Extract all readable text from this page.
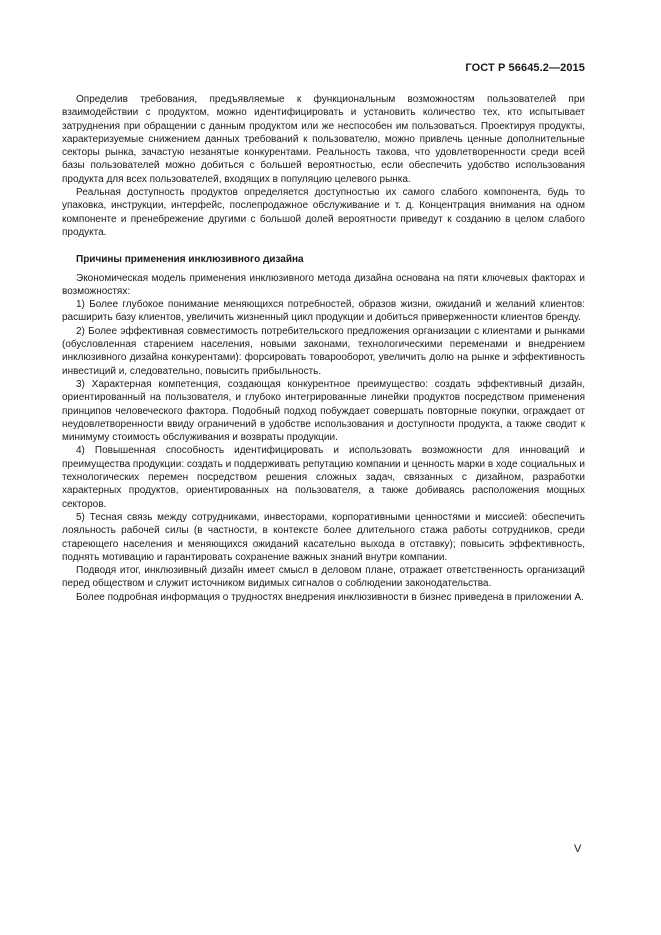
ГОСТ Р 56645.2—2015

Определив требования, предъявляемые к функциональным возможностям пользователей при взаимодействии с продуктом, можно идентифицировать и установить количество тех, кто испытывает затруднения при обращении с данным продуктом или же неспособен им пользоваться. Проектируя продукты, характеризуемые снижением данных требований к пользователю, можно привлечь ценные дополнительные секторы рынка, зачастую незанятые конкурентами. Реальность такова, что удовлетворенности среди всей базы пользователей можно добиться с большей вероятностью, если обеспечить удобство использования продукта для всех пользователей, входящих в популяцию целевого рынка.

Реальная доступность продуктов определяется доступностью их самого слабого компонента, будь то упаковка, инструкции, интерфейс, послепродажное обслуживание и т. д. Концентрация внимания на одном компоненте и пренебрежение другими с большой долей вероятности приведут к созданию в целом слабого продукта.

Причины применения инклюзивного дизайна

Экономическая модель применения инклюзивного метода дизайна основана на пяти ключевых факторах и возможностях:

1) Более глубокое понимание меняющихся потребностей, образов жизни, ожиданий и желаний клиентов: расширить базу клиентов, увеличить жизненный цикл продукции и добиться приверженности клиентов бренду.

2) Более эффективная совместимость потребительского предложения организации с клиентами и рынками (обусловленная старением населения, новыми законами, технологическими переменами и внедрением инклюзивного дизайна конкурентами): форсировать товарооборот, увеличить долю на рынке и эффективность инвестиций и, следовательно, повысить прибыльность.

3) Характерная компетенция, создающая конкурентное преимущество: создать эффективный дизайн, ориентированный на пользователя, и глубоко интегрированные линейки продуктов посредством применения принципов человеческого фактора. Подобный подход побуждает совершать повторные покупки, ограждает от неудовлетворенности ввиду ограничений в удобстве использования и доступности продукта, а также сводит к минимуму стоимость обслуживания и возвраты продукции.

4) Повышенная способность идентифицировать и использовать возможности для инноваций и преимущества продукции: создать и поддерживать репутацию компании и ценность марки в ходе социальных и технологических перемен посредством решения сложных задач, связанных с дизайном, разработки характерных продуктов, ориентированных на пользователя, а также добиваясь расположения мощных секторов.

5) Тесная связь между сотрудниками, инвесторами, корпоративными ценностями и миссией: обеспечить лояльность рабочей силы (в частности, в контексте более длительного стажа работы сотрудников, среди стареющего населения и меняющихся ожиданий касательно выхода в отставку); повысить эффективность, поднять мотивацию и гарантировать сохранение важных знаний внутри компании.

Подводя итог, инклюзивный дизайн имеет смысл в деловом плане, отражает ответственность организаций перед обществом и служит источником видимых сигналов о соблюдении законодательства.

Более подробная информация о трудностях внедрения инклюзивности в бизнес приведена в приложении А.

V
